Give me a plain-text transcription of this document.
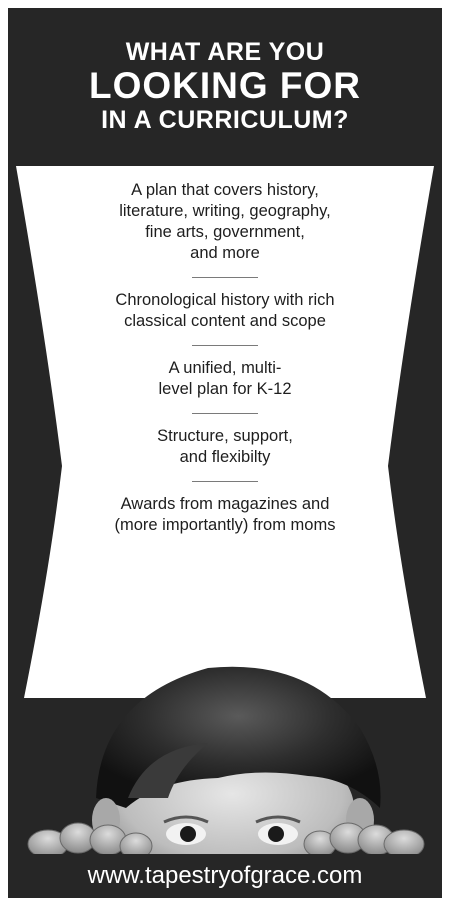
WHAT ARE YOU
LOOKING FOR
IN A CURRICULUM?
A plan that covers history,
literature, writing, geography,
fine arts, government,
and more
Chronological history with rich
classical content and scope
A unified, multi-
level plan for K-12
Structure, support,
and flexibilty
Awards from magazines and
(more importantly) from moms
www.tapestryofgrace.com
